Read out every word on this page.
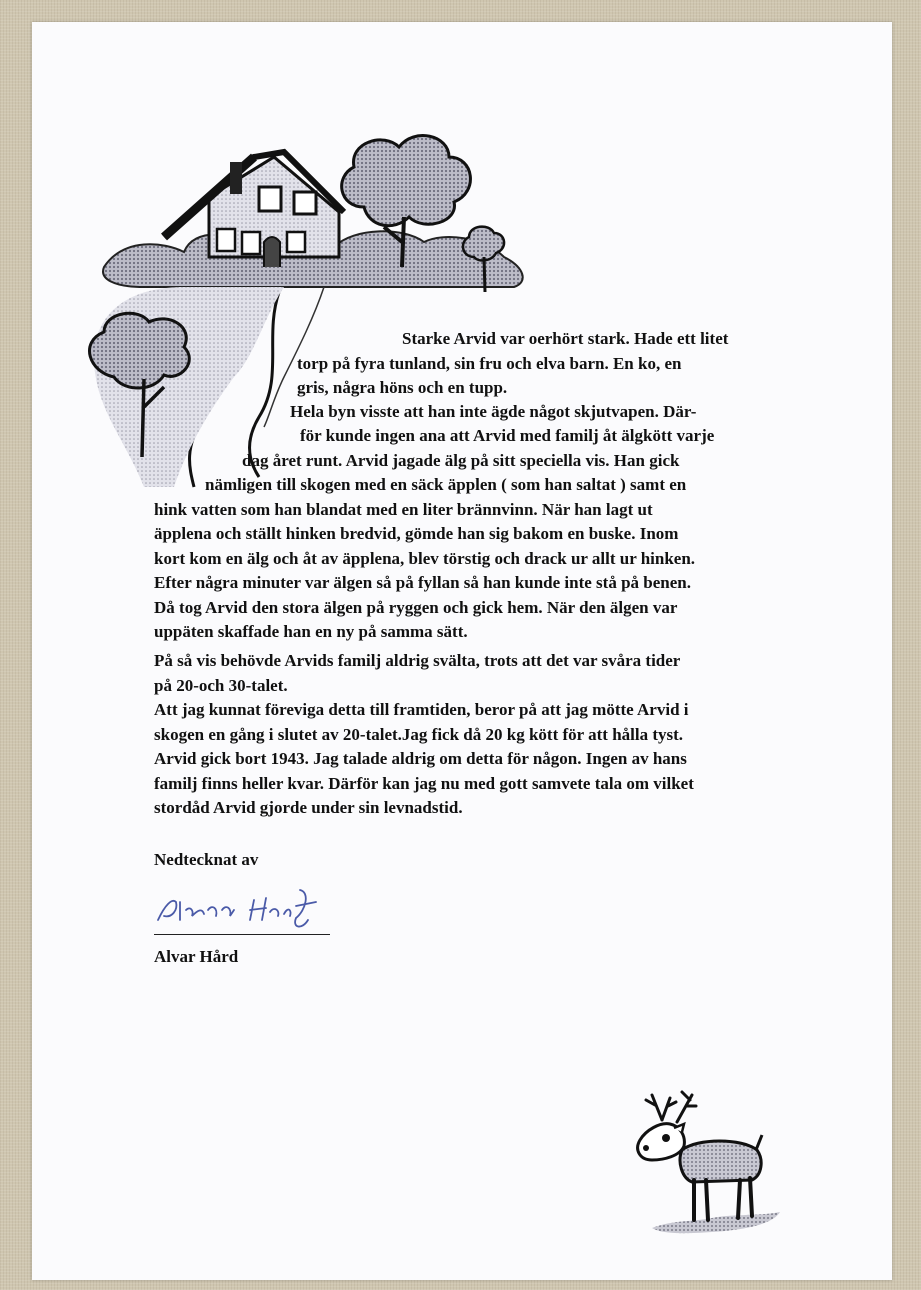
Starke Arvid var oerhört stark. Hade ett litet
torp på fyra tunland, sin fru och elva barn. En ko, en
gris, några höns och en tupp.
Hela byn visste att han inte ägde något skjutvapen. Där-
för kunde ingen ana att Arvid med familj åt älgkött varje
dag året runt. Arvid jagade älg på sitt speciella vis. Han gick
nämligen till skogen med en säck äpplen ( som han saltat ) samt en
hink vatten som han blandat med en liter brännvinn. När han lagt ut
äpplena och ställt hinken bredvid, gömde han sig bakom en buske. Inom
kort kom en älg och åt av äpplena, blev törstig och drack ur allt ur hinken.
Efter några minuter var älgen så på fyllan så han kunde inte stå på benen.
Då tog Arvid den stora älgen på ryggen och gick hem. När den älgen var
uppäten skaffade han en ny på samma sätt.
På så vis behövde Arvids familj aldrig svälta, trots att det var svåra tider
på 20-och 30-talet.
Att jag kunnat föreviga detta till framtiden, beror på att jag mötte Arvid i
skogen en gång i slutet av 20-talet.Jag fick då 20 kg kött för att hålla tyst.
Arvid gick bort 1943. Jag talade aldrig om detta för någon. Ingen av hans
familj finns heller kvar. Därför kan jag nu med gott samvete tala om vilket
stordåd Arvid gjorde under sin levnadstid.
Nedtecknat av
Alvar Hård
